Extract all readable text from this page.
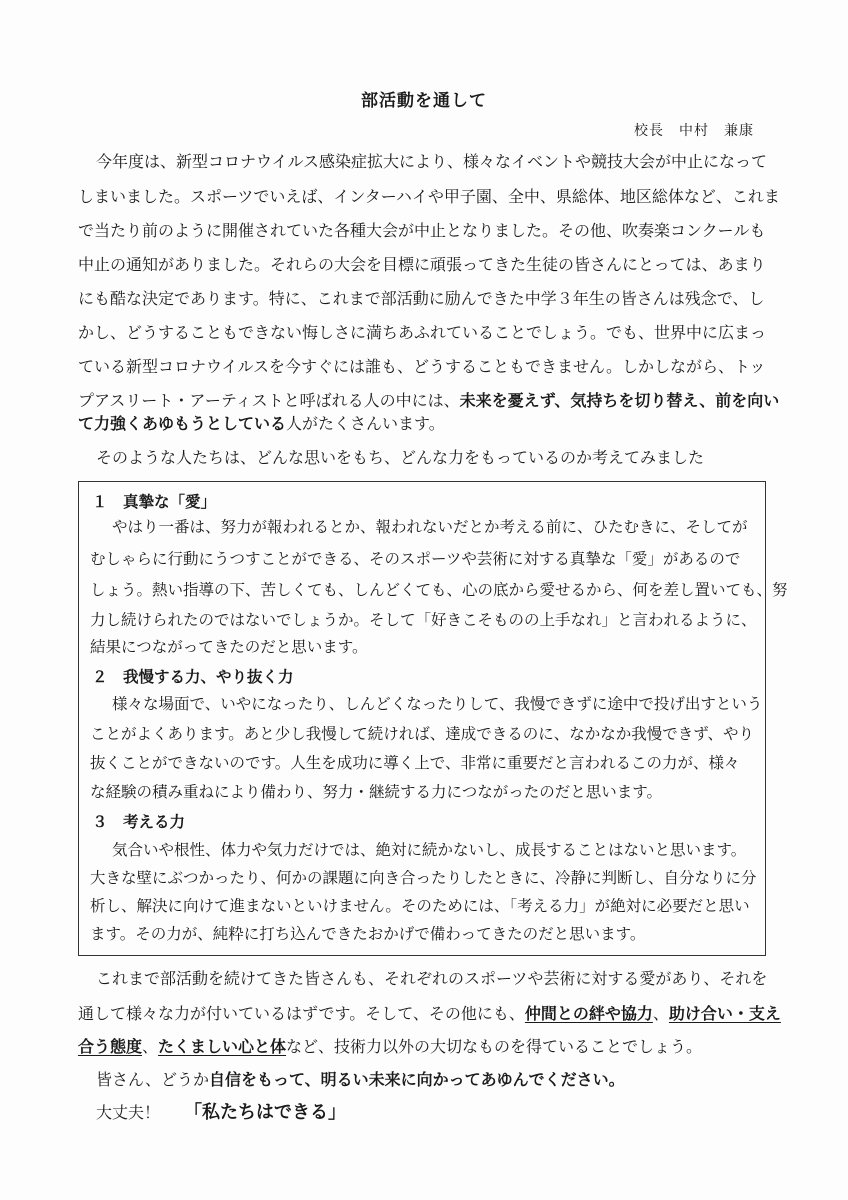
部活動を通して
校長　中村　兼康
今年度は、新型コロナウイルス感染症拡大により、様々なイベントや競技大会が中止になって
しまいました。スポーツでいえば、インターハイや甲子園、全中、県総体、地区総体など、これま
で当たり前のように開催されていた各種大会が中止となりました。その他、吹奏楽コンクールも
中止の通知がありました。それらの大会を目標に頑張ってきた生徒の皆さんにとっては、あまり
にも酷な決定であります。特に、これまで部活動に励んできた中学３年生の皆さんは残念で、し
かし、どうすることもできない悔しさに満ちあふれていることでしょう。でも、世界中に広まっ
ている新型コロナウイルスを今すぐには誰も、どうすることもできません。しかしながら、トッ
プアスリート・アーティストと呼ばれる人の中には、未来を憂えず、気持ちを切り替え、前を向い
て力強くあゆもうとしている人がたくさんいます。
そのような人たちは、どんな思いをもち、どんな力をもっているのか考えてみました
１　真摯な「愛」
やはり一番は、努力が報われるとか、報われないだとか考える前に、ひたむきに、そしてが
むしゃらに行動にうつすことができる、そのスポーツや芸術に対する真摯な「愛」があるので
しょう。熱い指導の下、苦しくても、しんどくても、心の底から愛せるから、何を差し置いても、努
力し続けられたのではないでしょうか。そして「好きこそものの上手なれ」と言われるように、
結果につながってきたのだと思います。
２　我慢する力、やり抜く力
様々な場面で、いやになったり、しんどくなったりして、我慢できずに途中で投げ出すという
ことがよくあります。あと少し我慢して続ければ、達成できるのに、なかなか我慢できず、やり
抜くことができないのです。人生を成功に導く上で、非常に重要だと言われるこの力が、様々
な経験の積み重ねにより備わり、努力・継続する力につながったのだと思います。
３　考える力
気合いや根性、体力や気力だけでは、絶対に続かないし、成長することはないと思います。
大きな壁にぶつかったり、何かの課題に向き合ったりしたときに、冷静に判断し、自分なりに分
析し、解決に向けて進まないといけません。そのためには、「考える力」が絶対に必要だと思い
ます。その力が、純粋に打ち込んできたおかげで備わってきたのだと思います。
これまで部活動を続けてきた皆さんも、それぞれのスポーツや芸術に対する愛があり、それを
通して様々な力が付いているはずです。そして、その他にも、仲間との絆や協力、助け合い・支え
合う態度、たくましい心と体など、技術力以外の大切なものを得ていることでしょう。
皆さん、どうか自信をもって、明るい未来に向かってあゆんでください。
大丈夫！ 「私たちはできる」
